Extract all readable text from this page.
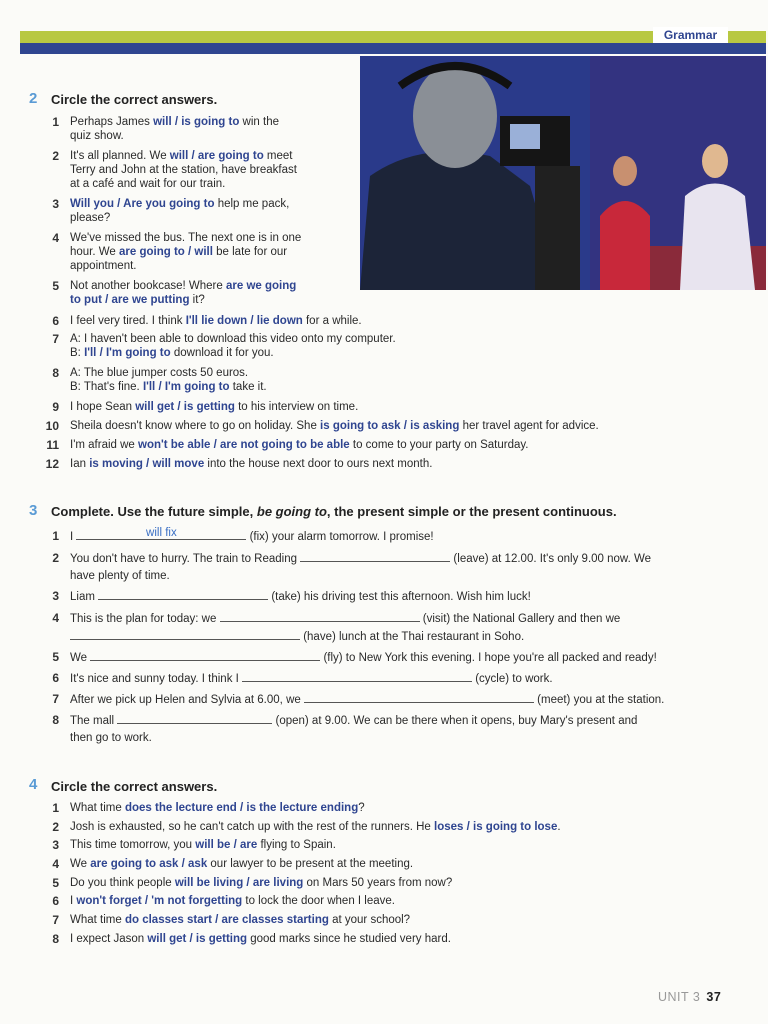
Grammar
2 Circle the correct answers.
1 Perhaps James will / is going to win the
quiz show.
2 It's all planned. We will / are going to meet
Terry and John at the station, have breakfast
at a café and wait for our train.
3 Will you / Are you going to help me pack,
please?
4 We've missed the bus. The next one is in one
hour. We are going to / will be late for our
appointment.
5 Not another bookcase! Where are we going
to put / are we putting it?
6 I feel very tired. I think I'll lie down / lie down for a while.
7 A: I haven't been able to download this video onto my computer.
B: I'll / I'm going to download it for you.
8 A: The blue jumper costs 50 euros.
B: That's fine. I'll / I'm going to take it.
9 I hope Sean will get / is getting to his interview on time.
10 Sheila doesn't know where to go on holiday. She is going to ask / is asking her travel agent for advice.
11 I'm afraid we won't be able / are not going to be able to come to your party on Saturday.
12 Ian is moving / will move into the house next door to ours next month.
3 Complete. Use the future simple, be going to, the present simple or the present continuous.
1 I	will fix	(fix) your alarm tomorrow. I promise!
2 You don't have to hurry. The train to Reading	(leave) at 12.00. It's only 9.00 now. We
have plenty of time.
3 Liam	(take) his driving test this afternoon. Wish him luck!
4 This is the plan for today: we	(visit) the National Gallery and then we
(have) lunch at the Thai restaurant in Soho.
5 We	(fly) to New York this evening. I hope you're all packed and ready!
6 It's nice and sunny today. I think I	(cycle) to work.
7 After we pick up Helen and Sylvia at 6.00, we	(meet) you at the station.
8 The mall	(open) at 9.00. We can be there when it opens, buy Mary's present and
then go to work.
4 Circle the correct answers.
1 What time does the lecture end / is the lecture ending?
2 Josh is exhausted, so he can't catch up with the rest of the runners. He loses / is going to lose.
3 This time tomorrow, you will be / are flying to Spain.
4 We are going to ask / ask our lawyer to be present at the meeting.
5 Do you think people will be living / are living on Mars 50 years from now?
6 I won't forget / 'm not forgetting to lock the door when I leave.
7 What time do classes start / are classes starting at your school?
8 I expect Jason will get / is getting good marks since he studied very hard.
UNIT 3 37
